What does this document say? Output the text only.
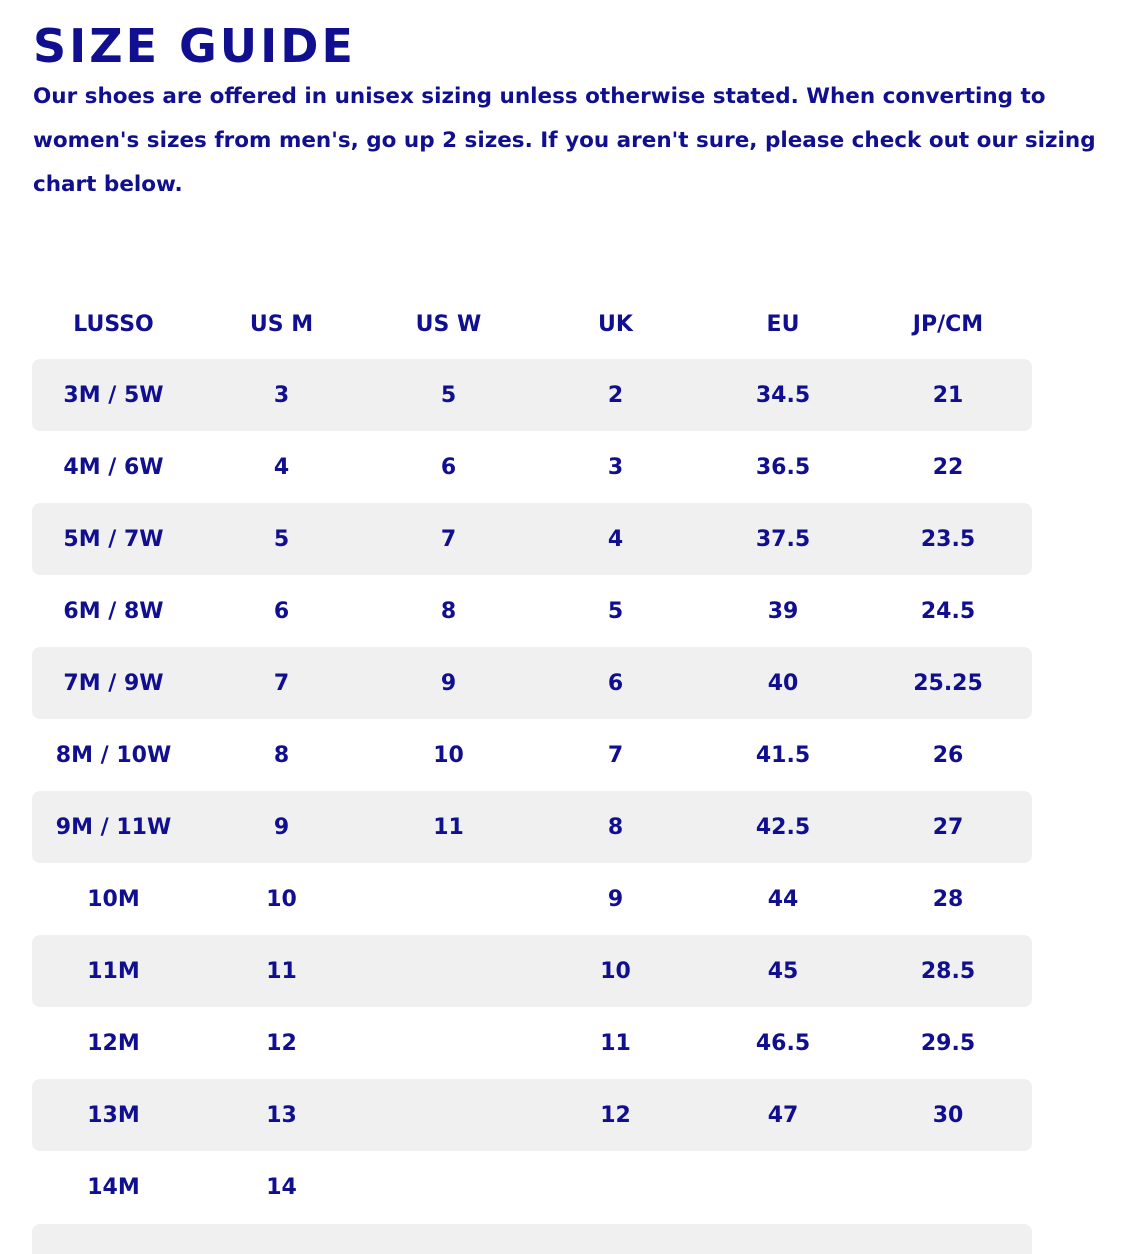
SIZE GUIDE

Our shoes are offered in unisex sizing unless otherwise stated. When converting to women's sizes from men's, go up 2 sizes. If you aren't sure, please check out our sizing chart below.

LUSSO	US M	US W	UK	EU	JP/CM
3M / 5W	3	5	2	34.5	21
4M / 6W	4	6	3	36.5	22
5M / 7W	5	7	4	37.5	23.5
6M / 8W	6	8	5	39	24.5
7M / 9W	7	9	6	40	25.25
8M / 10W	8	10	7	41.5	26
9M / 11W	9	11	8	42.5	27
10M	10		9	44	28
11M	11		10	45	28.5
12M	12		11	46.5	29.5
13M	13		12	47	30
14M	14				
